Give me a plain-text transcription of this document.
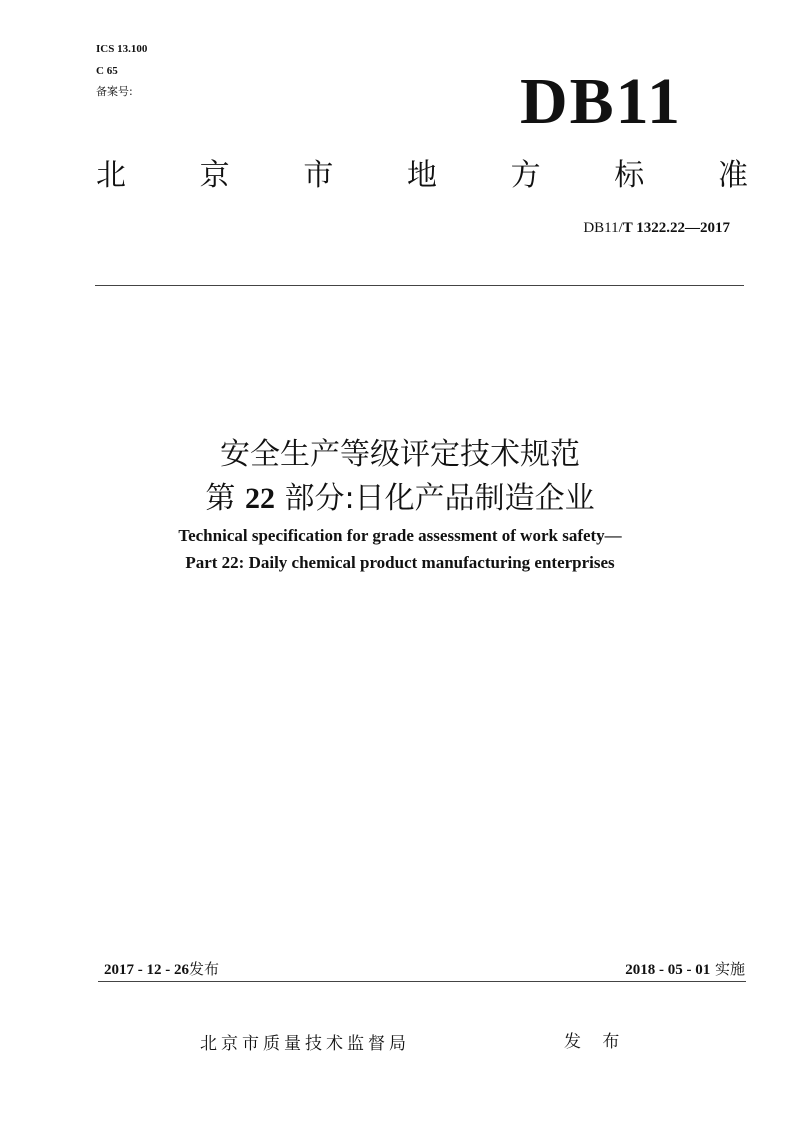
ICS 13.100
C 65
备案号:	DB11
北 京 市 地 方 标 准
DB11/T 1322.22—2017
安全生产等级评定技术规范
第 22 部分:日化产品制造企业
Technical specification for grade assessment of work safety—
Part 22: Daily chemical product manufacturing enterprises
2017 - 12 - 26发布	2018 - 05 - 01 实施
北京市质量技术监督局	发 布
